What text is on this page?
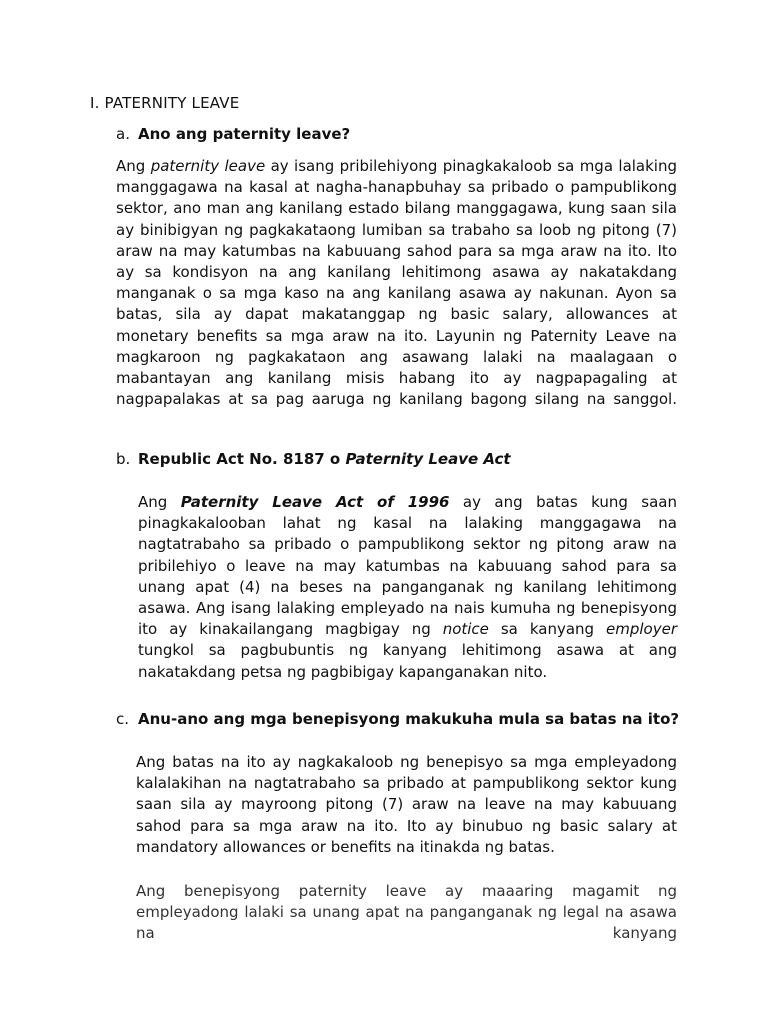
I. PATERNITY LEAVE
a. Ano ang paternity leave?
Ang paternity leave ay isang pribilehiyong pinagkakaloob sa mga lalaking manggagawa na kasal at nagha-hanapbuhay sa pribado o pampublikong sektor, ano man ang kanilang estado bilang manggagawa, kung saan sila ay binibigyan ng pagkakataong lumiban sa trabaho sa loob ng pitong (7) araw na may katumbas na kabuuang sahod para sa mga araw na ito. Ito ay sa kondisyon na ang kanilang lehitimong asawa ay nakatakdang manganak o sa mga kaso na ang kanilang asawa ay nakunan. Ayon sa batas, sila ay dapat makatanggap ng basic salary, allowances at monetary benefits sa mga araw na ito. Layunin ng Paternity Leave na magkaroon ng pagkakataon ang asawang lalaki na maalagaan o mabantayan ang kanilang misis habang ito ay nagpapagaling at nagpapalakas at sa pag aaruga ng kanilang bagong silang na sanggol.
b. Republic Act No. 8187 o Paternity Leave Act
Ang Paternity Leave Act of 1996 ay ang batas kung saan pinagkakalooban lahat ng kasal na lalaking manggagawa na nagtatrabaho sa pribado o pampublikong sektor ng pitong araw na pribilehiyo o leave na may katumbas na kabuuang sahod para sa unang apat (4) na beses na panganganak ng kanilang lehitimong asawa. Ang isang lalaking empleyado na nais kumuha ng benepisyong ito ay kinakailangang magbigay ng notice sa kanyang employer tungkol sa pagbubuntis ng kanyang lehitimong asawa at ang nakatakdang petsa ng pagbibigay kapanganakan nito.
c. Anu-ano ang mga benepisyong makukuha mula sa batas na ito?
Ang batas na ito ay nagkakaloob ng benepisyo sa mga empleyadong kalalakihan na nagtatrabaho sa pribado at pampublikong sektor kung saan sila ay mayroong pitong (7) araw na leave na may kabuuang sahod para sa mga araw na ito. Ito ay binubuo ng basic salary at mandatory allowances or benefits na itinakda ng batas.
Ang benepisyong paternity leave ay maaaring magamit ng empleyadong lalaki sa unang apat na panganganak ng legal na asawa na kanyang
